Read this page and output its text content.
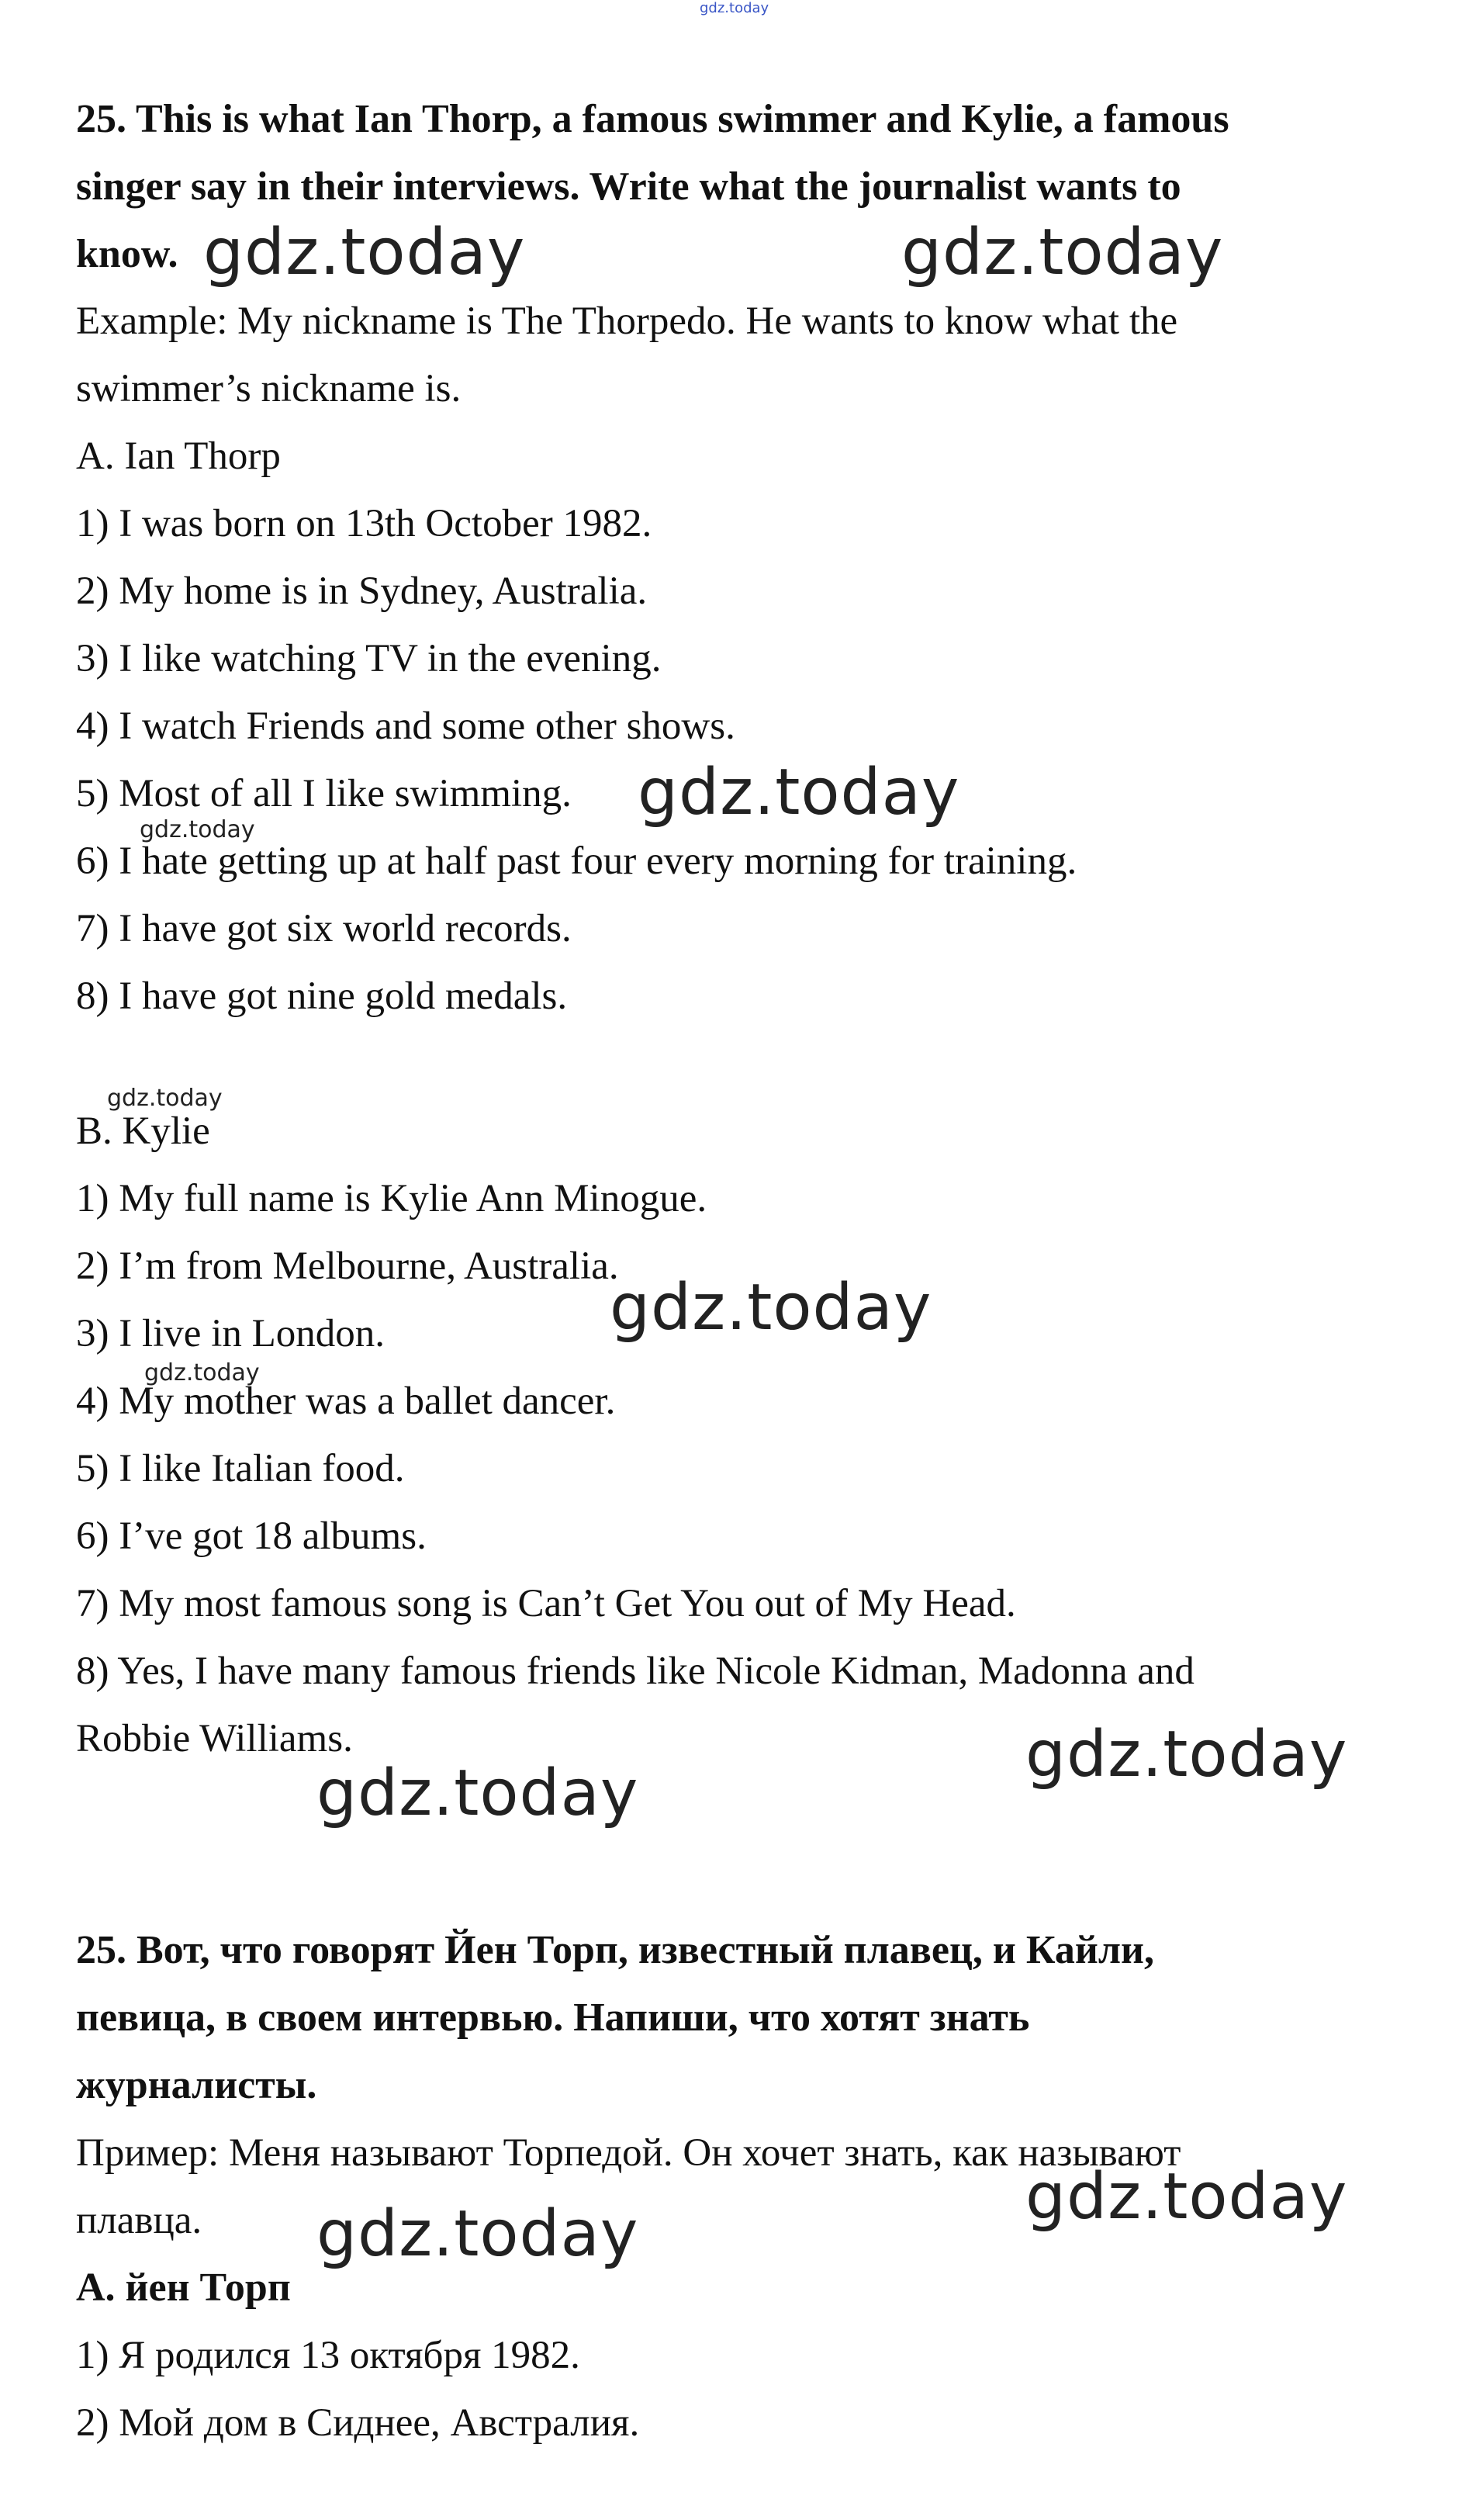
gdz.today
25. This is what Ian Thorp, a famous swimmer and Kylie, a famous
singer say in their interviews. Write what the journalist wants to
know.
Example: My nickname is The Thorpedo. He wants to know what the
swimmer’s nickname is.
A. Ian Thorp
1) I was born on 13th October 1982.
2) My home is in Sydney, Australia.
3) I like watching TV in the evening.
4) I watch Friends and some other shows.
5) Most of all I like swimming.
6) I hate getting up at half past four every morning for training.
7) I have got six world records.
8) I have got nine gold medals.
B. Kylie
1) My full name is Kylie Ann Minogue.
2) I’m from Melbourne, Australia.
3) I live in London.
4) My mother was a ballet dancer.
5) I like Italian food.
6) I’ve got 18 albums.
7) My most famous song is Can’t Get You out of My Head.
8) Yes, I have many famous friends like Nicole Kidman, Madonna and
Robbie Williams.
25. Вот, что говорят Йен Торп, известный плавец, и Кайли,
певица, в своем интервью. Напиши, что хотят знать
журналисты.
Пример: Меня называют Торпедой. Он хочет знать, как называют
плавца.
А. йен Торп
1) Я родился 13 октября 1982.
2) Мой дом в Сиднее, Австралия.
gdz.today	gdz.today
gdz.today
gdz.today
gdz.today
gdz.today
gdz.today
gdz.today
gdz.today
gdz.today
gdz.today
